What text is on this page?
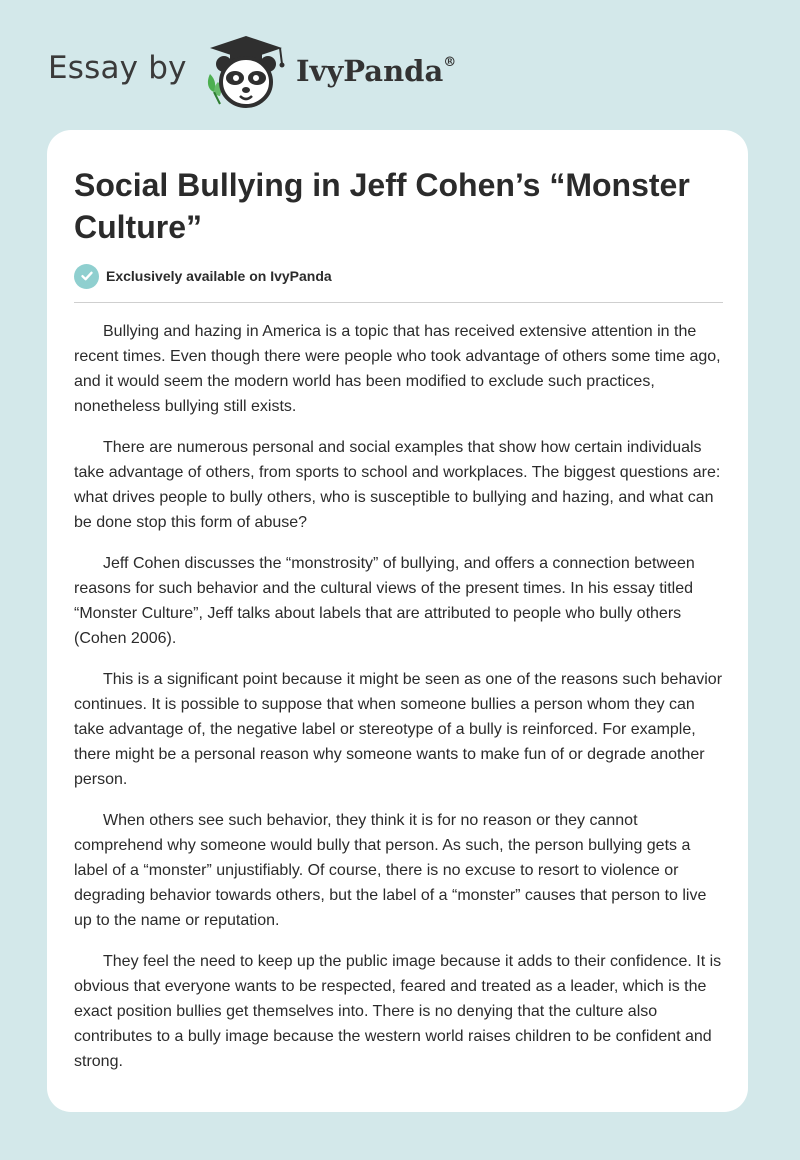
Essay by	IvyPanda®
Social Bullying in Jeff Cohen’s “Monster Culture”
Exclusively available on IvyPanda

Bullying and hazing in America is a topic that has received extensive attention in the recent times. Even though there were people who took advantage of others some time ago, and it would seem the modern world has been modified to exclude such practices, nonetheless bullying still exists.

There are numerous personal and social examples that show how certain individuals take advantage of others, from sports to school and workplaces. The biggest questions are: what drives people to bully others, who is susceptible to bullying and hazing, and what can be done stop this form of abuse?

Jeff Cohen discusses the “monstrosity” of bullying, and offers a connection between reasons for such behavior and the cultural views of the present times. In his essay titled “Monster Culture”, Jeff talks about labels that are attributed to people who bully others (Cohen 2006).

This is a significant point because it might be seen as one of the reasons such behavior continues. It is possible to suppose that when someone bullies a person whom they can take advantage of, the negative label or stereotype of a bully is reinforced. For example, there might be a personal reason why someone wants to make fun of or degrade another person.

When others see such behavior, they think it is for no reason or they cannot comprehend why someone would bully that person. As such, the person bullying gets a label of a “monster” unjustifiably. Of course, there is no excuse to resort to violence or degrading behavior towards others, but the label of a “monster” causes that person to live up to the name or reputation.

They feel the need to keep up the public image because it adds to their confidence. It is obvious that everyone wants to be respected, feared and treated as a leader, which is the exact position bullies get themselves into. There is no denying that the culture also contributes to a bully image because the western world raises children to be confident and strong.
